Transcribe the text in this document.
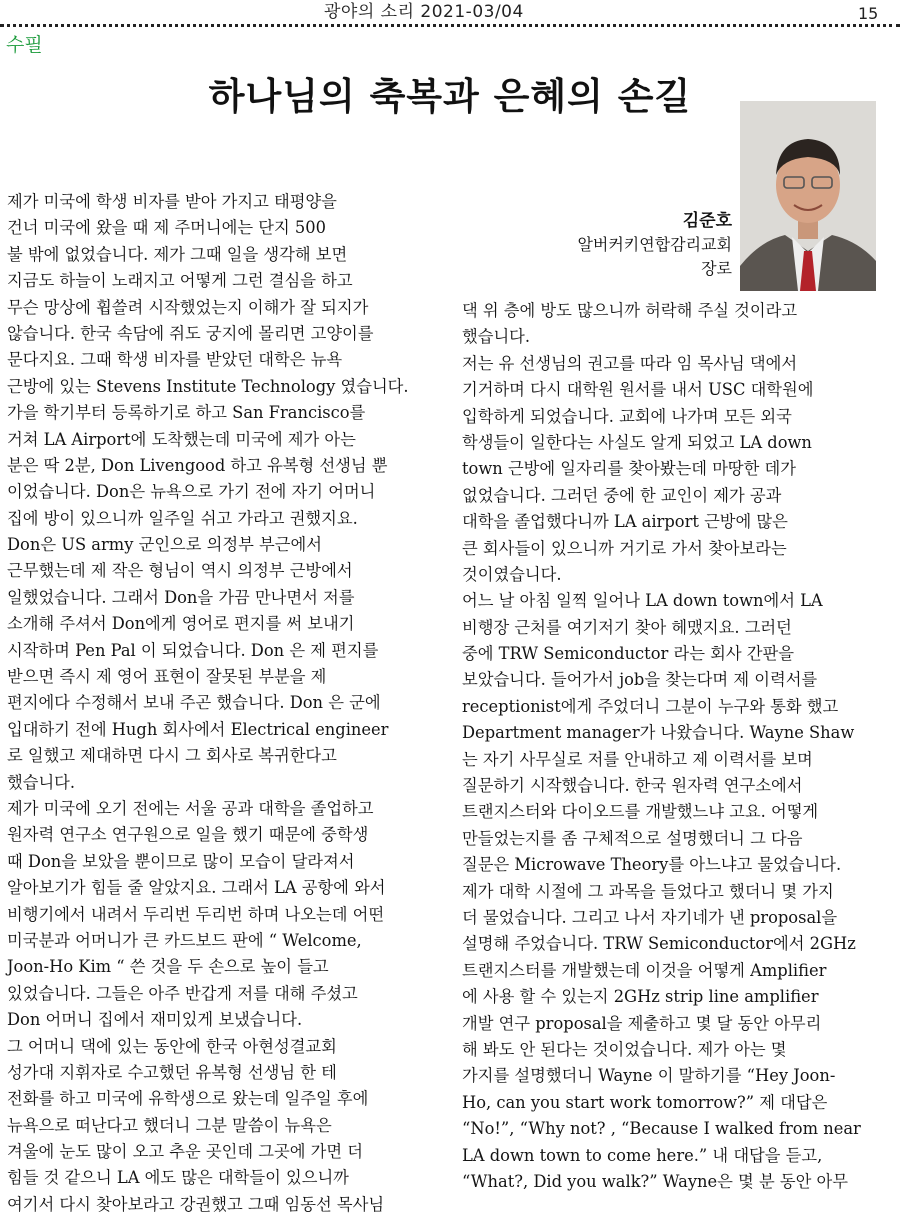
광야의 소리 2021-03/04	15
수필
하나님의 축복과 은혜의 손길
김준호
알버커키연합감리교회
장로
제가 미국에 학생 비자를 받아 가지고 태평양을
건너 미국에 왔을 때 제 주머니에는 단지 500
불 밖에 없었습니다. 제가 그때 일을 생각해 보면
지금도 하늘이 노래지고 어떻게 그런 결심을 하고
무슨 망상에 휩쓸려 시작했었는지 이해가 잘 되지가
않습니다. 한국 속담에 쥐도 궁지에 몰리면 고양이를
문다지요. 그때 학생 비자를 받았던 대학은 뉴욕
근방에 있는 Stevens Institute Technology 였습니다.
가을 학기부터 등록하기로 하고 San Francisco를
거쳐 LA Airport에 도착했는데 미국에 제가 아는
분은 딱 2분, Don Livengood 하고 유복형 선생님 뿐
이었습니다. Don은 뉴욕으로 가기 전에 자기 어머니
집에 방이 있으니까 일주일 쉬고 가라고 권했지요.
Don은 US army 군인으로 의정부 부근에서
근무했는데 제 작은 형님이 역시 의정부 근방에서
일했었습니다. 그래서 Don을 가끔 만나면서 저를
소개해 주셔서 Don에게 영어로 편지를 써 보내기
시작하며 Pen Pal 이 되었습니다. Don 은 제 편지를
받으면 즉시 제 영어 표현이 잘못된 부분을 제
편지에다 수정해서 보내 주곤 했습니다. Don 은 군에
입대하기 전에 Hugh 회사에서 Electrical engineer
로 일했고 제대하면 다시 그 회사로 복귀한다고
했습니다.
제가 미국에 오기 전에는 서울 공과 대학을 졸업하고
원자력 연구소 연구원으로 일을 했기 때문에 중학생
때 Don을 보았을 뿐이므로 많이 모습이 달라져서
알아보기가 힘들 줄 알았지요. 그래서 LA 공항에 와서
비행기에서 내려서 두리번 두리번 하며 나오는데 어떤
미국분과 어머니가 큰 카드보드 판에 “ Welcome,
Joon-Ho Kim “ 쓴 것을 두 손으로 높이 들고
있었습니다. 그들은 아주 반갑게 저를 대해 주셨고
Don 어머니 집에서 재미있게 보냈습니다.
그 어머니 댁에 있는 동안에 한국 아현성결교회
성가대 지휘자로 수고했던 유복형 선생님 한 테
전화를 하고 미국에 유학생으로 왔는데 일주일 후에
뉴욕으로 떠난다고 했더니 그분 말씀이 뉴욕은
겨울에 눈도 많이 오고 추운 곳인데 그곳에 가면 더
힘들 것 같으니 LA 에도 많은 대학들이 있으니까
여기서 다시 찾아보라고 강권했고 그때 임동선 목사님
댁 위 층에 방도 많으니까 허락해 주실 것이라고
했습니다.
저는 유 선생님의 권고를 따라 임 목사님 댁에서
기거하며 다시 대학원 원서를 내서 USC 대학원에
입학하게 되었습니다. 교회에 나가며 모든 외국
학생들이 일한다는 사실도 알게 되었고 LA down
town 근방에 일자리를 찾아봤는데 마땅한 데가
없었습니다. 그러던 중에 한 교인이 제가 공과
대학을 졸업했다니까 LA airport 근방에 많은
큰 회사들이 있으니까 거기로 가서 찾아보라는
것이였습니다.
어느 날 아침 일찍 일어나 LA down town에서 LA
비행장 근처를 여기저기 찾아 헤맸지요. 그러던
중에 TRW Semiconductor 라는 회사 간판을
보았습니다. 들어가서 job을 찾는다며 제 이력서를
receptionist에게 주었더니 그분이 누구와 통화 했고
Department manager가 나왔습니다. Wayne Shaw
는 자기 사무실로 저를 안내하고 제 이력서를 보며
질문하기 시작했습니다. 한국 원자력 연구소에서
트랜지스터와 다이오드를 개발했느냐 고요. 어떻게
만들었는지를 좀 구체적으로 설명했더니 그 다음
질문은 Microwave Theory를 아느냐고 물었습니다.
제가 대학 시절에 그 과목을 들었다고 했더니 몇 가지
더 물었습니다. 그리고 나서 자기네가 낸 proposal을
설명해 주었습니다. TRW Semiconductor에서 2GHz
트랜지스터를 개발했는데 이것을 어떻게 Amplifier
에 사용 할 수 있는지 2GHz strip line amplifier
개발 연구 proposal을 제출하고 몇 달 동안 아무리
해 봐도 안 된다는 것이었습니다. 제가 아는 몇
가지를 설명했더니 Wayne 이 말하기를 “Hey Joon-
Ho, can you start work tomorrow?” 제 대답은
“No!”, “Why not? , “Because I walked from near
LA down town to come here.” 내 대답을 듣고,
“What?, Did you walk?” Wayne은 몇 분 동안 아무
